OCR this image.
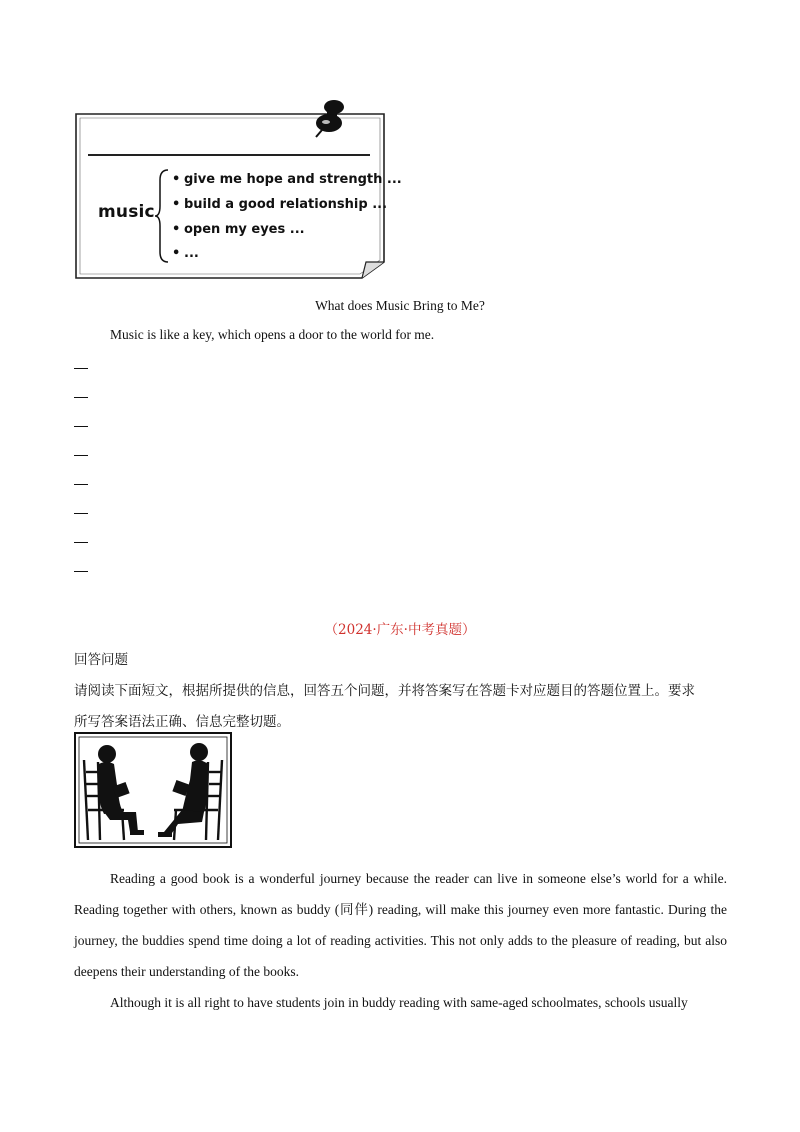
music
• give me hope and strength ...
• build a good relationship ...
• open my eyes ...
• ...
What does Music Bring to Me?
Music is like a key, which opens a door to the world for me.
（2024·广东·中考真题）
回答问题
请阅读下面短文，根据所提供的信息，回答五个问题，并将答案写在答题卡对应题目的答题位置上。要求
所写答案语法正确、信息完整切题。

Reading a good book is a wonderful journey because the reader can live in someone else’s world for a while. Reading together with others, known as buddy (同伴) reading, will make this journey even more fantastic. During the journey, the buddies spend time doing a lot of reading activities. This not only adds to the pleasure of reading, but also deepens their understanding of the books.

Although it is all right to have students join in buddy reading with same-aged schoolmates, schools usually
